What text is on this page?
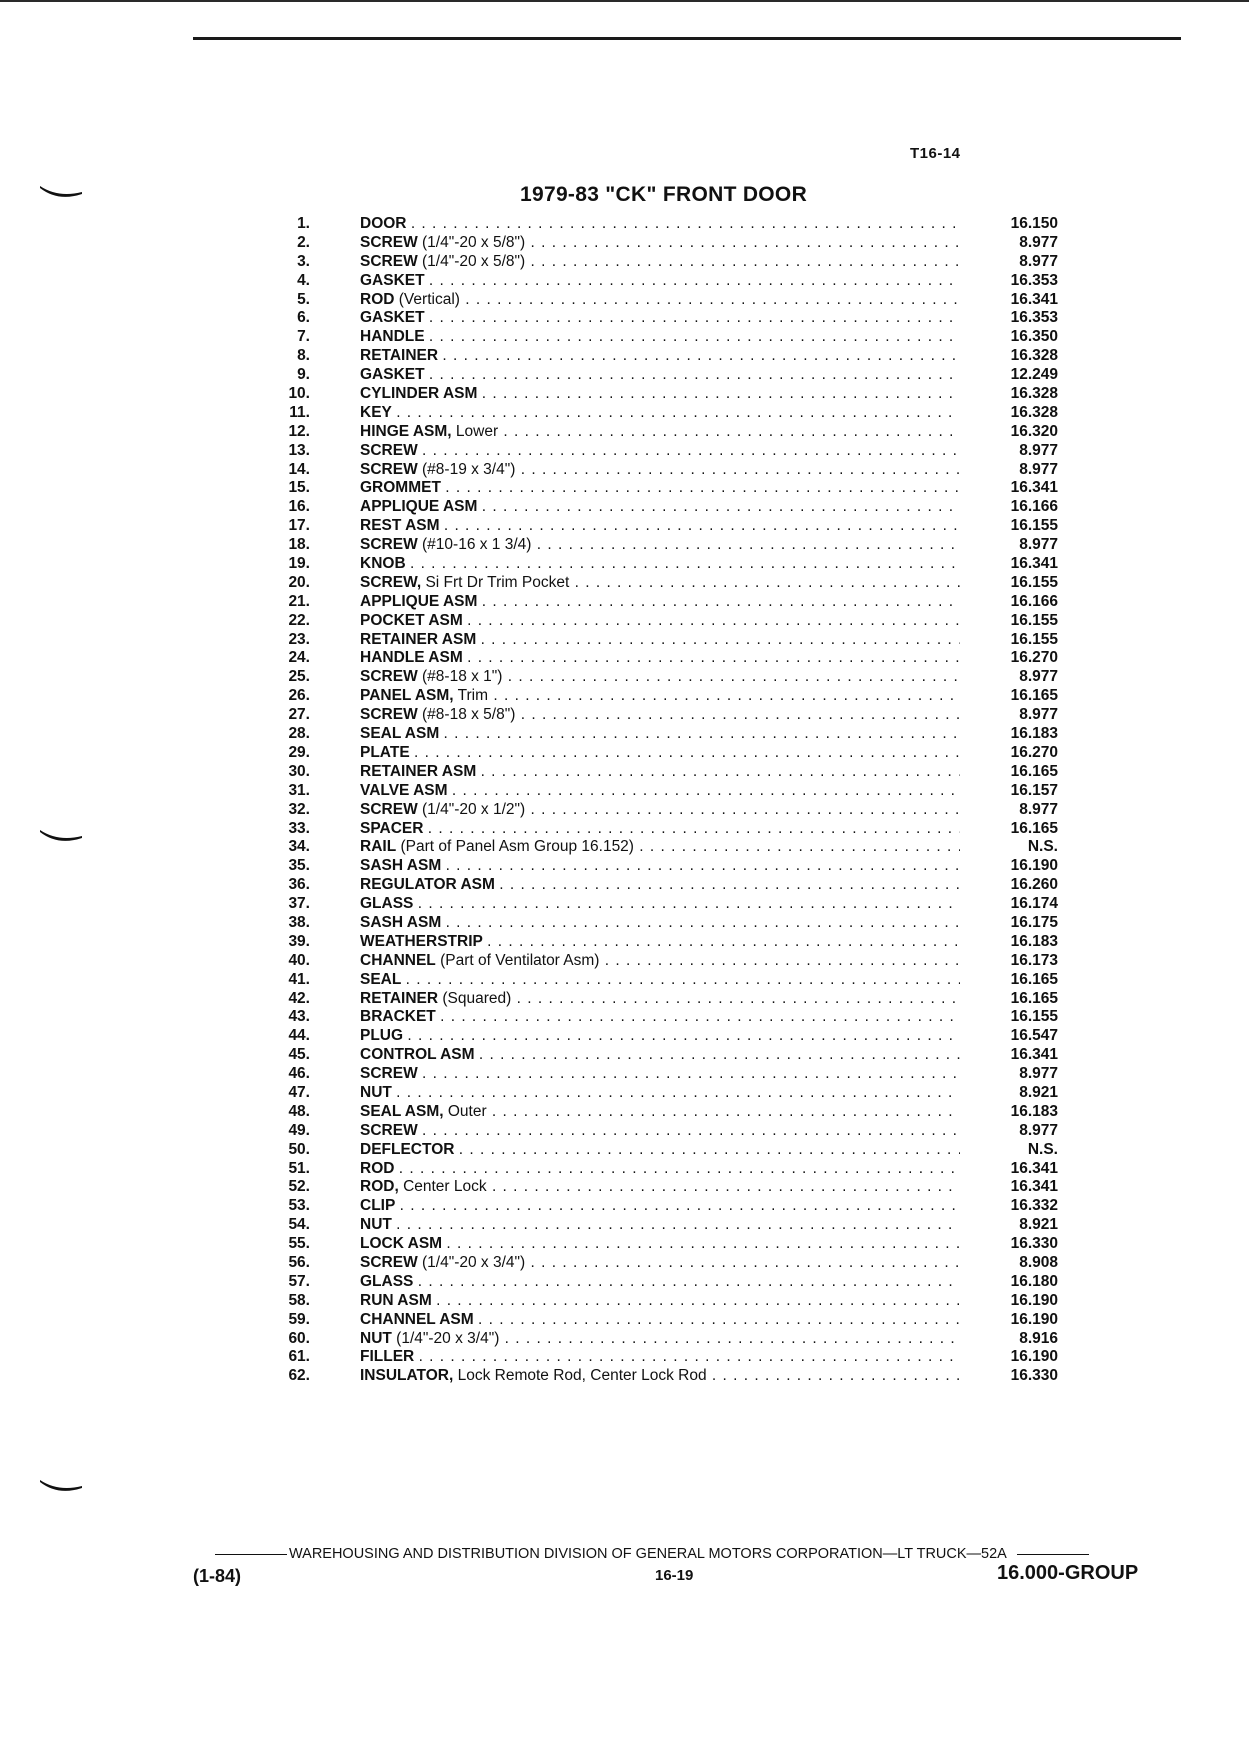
T16-14
1979-83 "CK" FRONT DOOR
1.	DOOR . . .	16.150
2.	SCREW (1/4"-20 x 5/8") . . .	8.977
3.	SCREW (1/4"-20 x 5/8") . . .	8.977
4.	GASKET . . .	16.353
5.	ROD (Vertical) . . .	16.341
6.	GASKET . . .	16.353
7.	HANDLE . . .	16.350
8.	RETAINER . . .	16.328
9.	GASKET . . .	12.249
10.	CYLINDER ASM . . .	16.328
11.	KEY . . .	16.328
12.	HINGE ASM, Lower . . .	16.320
13.	SCREW . . .	8.977
14.	SCREW (#8-19 x 3/4") . . .	8.977
15.	GROMMET . . .	16.341
16.	APPLIQUE ASM . . .	16.166
17.	REST ASM . . .	16.155
18.	SCREW (#10-16 x 1 3/4) . . .	8.977
19.	KNOB . . .	16.341
20.	SCREW, Si Frt Dr Trim Pocket . . .	16.155
21.	APPLIQUE ASM . . .	16.166
22.	POCKET ASM . . .	16.155
23.	RETAINER ASM . . .	16.155
24.	HANDLE ASM . . .	16.270
25.	SCREW (#8-18 x 1") . . .	8.977
26.	PANEL ASM, Trim . . .	16.165
27.	SCREW (#8-18 x 5/8") . . .	8.977
28.	SEAL ASM . . .	16.183
29.	PLATE . . .	16.270
30.	RETAINER ASM . . .	16.165
31.	VALVE ASM . . .	16.157
32.	SCREW (1/4"-20 x 1/2") . . .	8.977
33.	SPACER . . .	16.165
34.	RAIL (Part of Panel Asm Group 16.152) . . .	N.S.
35.	SASH ASM . . .	16.190
36.	REGULATOR ASM . . .	16.260
37.	GLASS . . .	16.174
38.	SASH ASM . . .	16.175
39.	WEATHERSTRIP . . .	16.183
40.	CHANNEL (Part of Ventilator Asm) . . .	16.173
41.	SEAL . . .	16.165
42.	RETAINER (Squared) . . .	16.165
43.	BRACKET . . .	16.155
44.	PLUG . . .	16.547
45.	CONTROL ASM . . .	16.341
46.	SCREW . . .	8.977
47.	NUT . . .	8.921
48.	SEAL ASM, Outer . . .	16.183
49.	SCREW . . .	8.977
50.	DEFLECTOR . . .	N.S.
51.	ROD . . .	16.341
52.	ROD, Center Lock . . .	16.341
53.	CLIP . . .	16.332
54.	NUT . . .	8.921
55.	LOCK ASM . . .	16.330
56.	SCREW (1/4"-20 x 3/4") . . .	8.908
57.	GLASS . . .	16.180
58.	RUN ASM . . .	16.190
59.	CHANNEL ASM . . .	16.190
60.	NUT (1/4"-20 x 3/4") . . .	8.916
61.	FILLER . . .	16.190
62.	INSULATOR, Lock Remote Rod, Center Lock Rod . . .	16.330
WAREHOUSING AND DISTRIBUTION DIVISION OF GENERAL MOTORS CORPORATION—LT TRUCK—52A
(1-84)	16-19	16.000-GROUP
